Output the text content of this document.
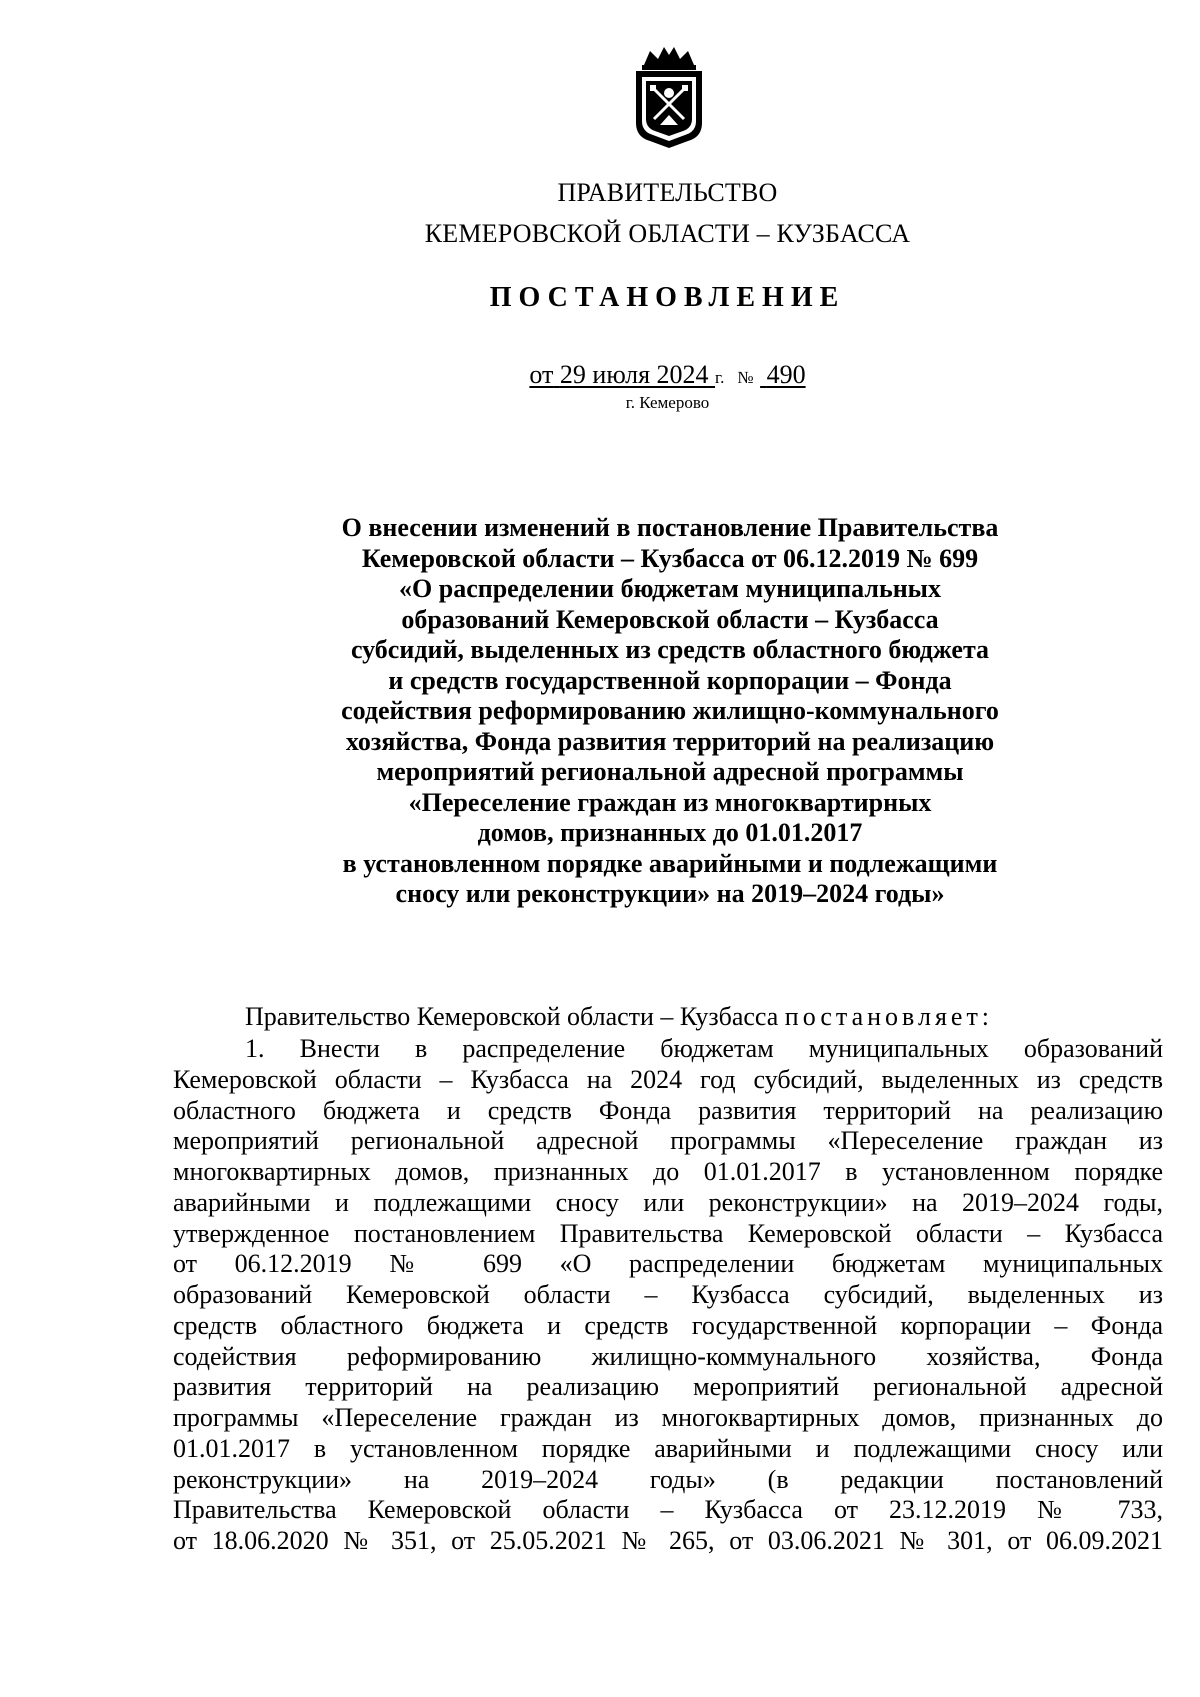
ПРАВИТЕЛЬСТВО
КЕМЕРОВСКОЙ ОБЛАСТИ – КУЗБАССА
ПОСТАНОВЛЕНИЕ
от 29 июля 2024 г. № 490
г. Кемерово
О внесении изменений в постановление Правительства
Кемеровской области – Кузбасса от 06.12.2019 № 699
«О распределении бюджетам муниципальных
образований Кемеровской области – Кузбасса
субсидий, выделенных из средств областного бюджета
и средств государственной корпорации – Фонда
содействия реформированию жилищно-коммунального
хозяйства, Фонда развития территорий на реализацию
мероприятий региональной адресной программы
«Переселение граждан из многоквартирных
домов, признанных до 01.01.2017
в установленном порядке аварийными и подлежащими
сносу или реконструкции» на 2019–2024 годы»
Правительство Кемеровской области – Кузбасса постановляет:
1. Внести в распределение бюджетам муниципальных образований
Кемеровской области – Кузбасса на 2024 год субсидий, выделенных из средств
областного бюджета и средств Фонда развития территорий на реализацию
мероприятий региональной адресной программы «Переселение граждан из
многоквартирных домов, признанных до 01.01.2017 в установленном порядке
аварийными и подлежащими сносу или реконструкции» на 2019–2024 годы,
утвержденное постановлением Правительства Кемеровской области – Кузбасса
от 06.12.2019 № 699 «О распределении бюджетам муниципальных
образований Кемеровской области – Кузбасса субсидий, выделенных из
средств областного бюджета и средств государственной корпорации – Фонда
содействия реформированию жилищно-коммунального хозяйства, Фонда
развития территорий на реализацию мероприятий региональной адресной
программы «Переселение граждан из многоквартирных домов, признанных до
01.01.2017 в установленном порядке аварийными и подлежащими сносу или
реконструкции» на 2019–2024 годы» (в редакции постановлений
Правительства Кемеровской области – Кузбасса от 23.12.2019 № 733,
от 18.06.2020 № 351, от 25.05.2021 № 265, от 03.06.2021 № 301, от 06.09.2021
